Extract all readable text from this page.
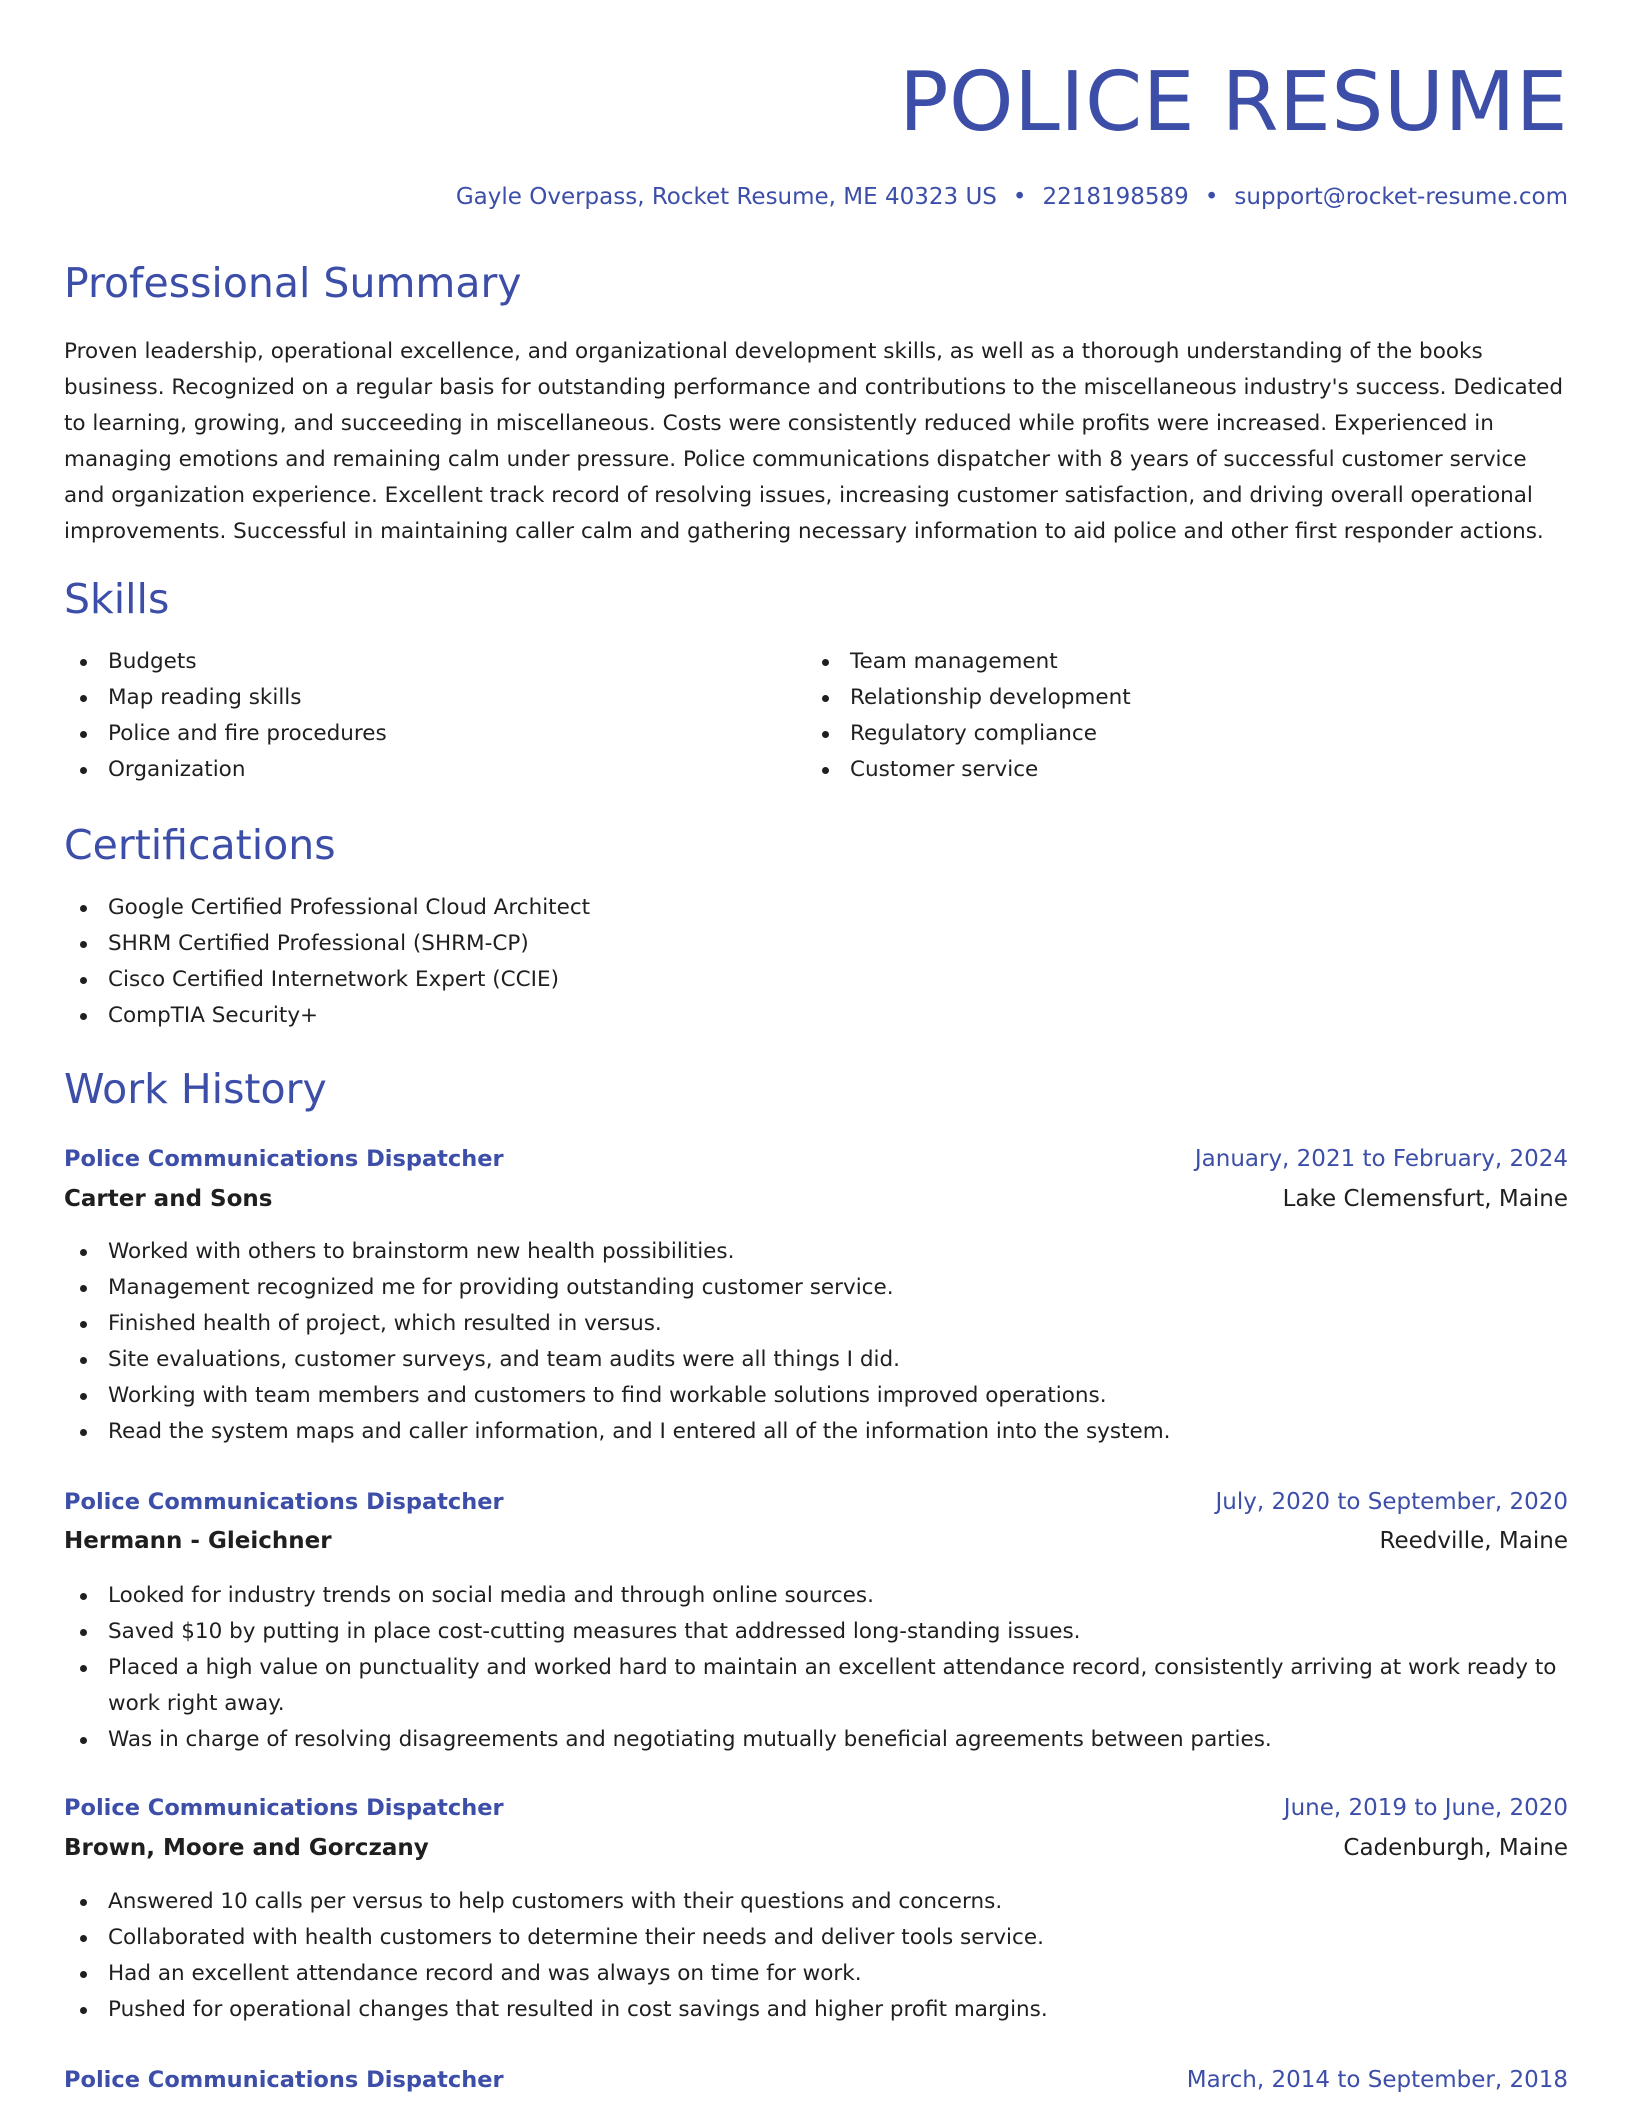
POLICE RESUME
Gayle Overpass, Rocket Resume, ME 40323 US • 2218198589 • support@rocket-resume.com
Professional Summary

Proven leadership, operational excellence, and organizational development skills, as well as a thorough understanding of the books business. Recognized on a regular basis for outstanding performance and contributions to the miscellaneous industry's success. Dedicated to learning, growing, and succeeding in miscellaneous. Costs were consistently reduced while profits were increased. Experienced in managing emotions and remaining calm under pressure. Police communications dispatcher with 8 years of successful customer service and organization experience. Excellent track record of resolving issues, increasing customer satisfaction, and driving overall operational improvements. Successful in maintaining caller calm and gathering necessary information to aid police and other first responder actions.

Skills
Budgets
Map reading skills
Police and fire procedures
Organization
Team management
Relationship development
Regulatory compliance
Customer service
Certifications
Google Certified Professional Cloud Architect
SHRM Certified Professional (SHRM-CP)
Cisco Certified Internetwork Expert (CCIE)
CompTIA Security+
Work History
Police Communications Dispatcher	January, 2021 to February, 2024
Carter and Sons	Lake Clemensfurt, Maine
Worked with others to brainstorm new health possibilities.
Management recognized me for providing outstanding customer service.
Finished health of project, which resulted in versus.
Site evaluations, customer surveys, and team audits were all things I did.
Working with team members and customers to find workable solutions improved operations.
Read the system maps and caller information, and I entered all of the information into the system.
Police Communications Dispatcher	July, 2020 to September, 2020
Hermann - Gleichner	Reedville, Maine
Looked for industry trends on social media and through online sources.
Saved $10 by putting in place cost-cutting measures that addressed long-standing issues.
Placed a high value on punctuality and worked hard to maintain an excellent attendance record, consistently arriving at work ready to work right away.
Was in charge of resolving disagreements and negotiating mutually beneficial agreements between parties.
Police Communications Dispatcher	June, 2019 to June, 2020
Brown, Moore and Gorczany	Cadenburgh, Maine
Answered 10 calls per versus to help customers with their questions and concerns.
Collaborated with health customers to determine their needs and deliver tools service.
Had an excellent attendance record and was always on time for work.
Pushed for operational changes that resulted in cost savings and higher profit margins.
Police Communications Dispatcher	March, 2014 to September, 2018
